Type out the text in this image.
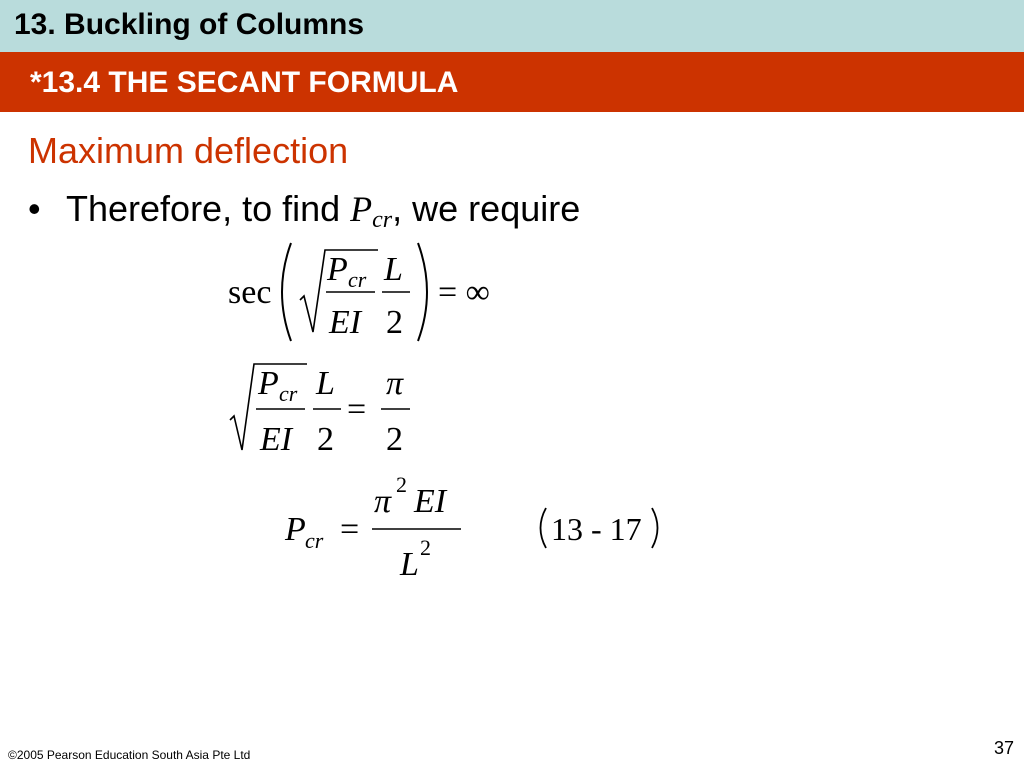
13. Buckling of Columns
*13.4 THE SECANT FORMULA
Maximum deflection
• Therefore, to find $P_{cr}$, we require
sec
P cr
EI
L
2
= ∞
P cr
EI
L
2
=
π
2
P cr =
π 2 EI
L 2
13 - 17
©2005 Pearson Education South Asia Pte Ltd	37
